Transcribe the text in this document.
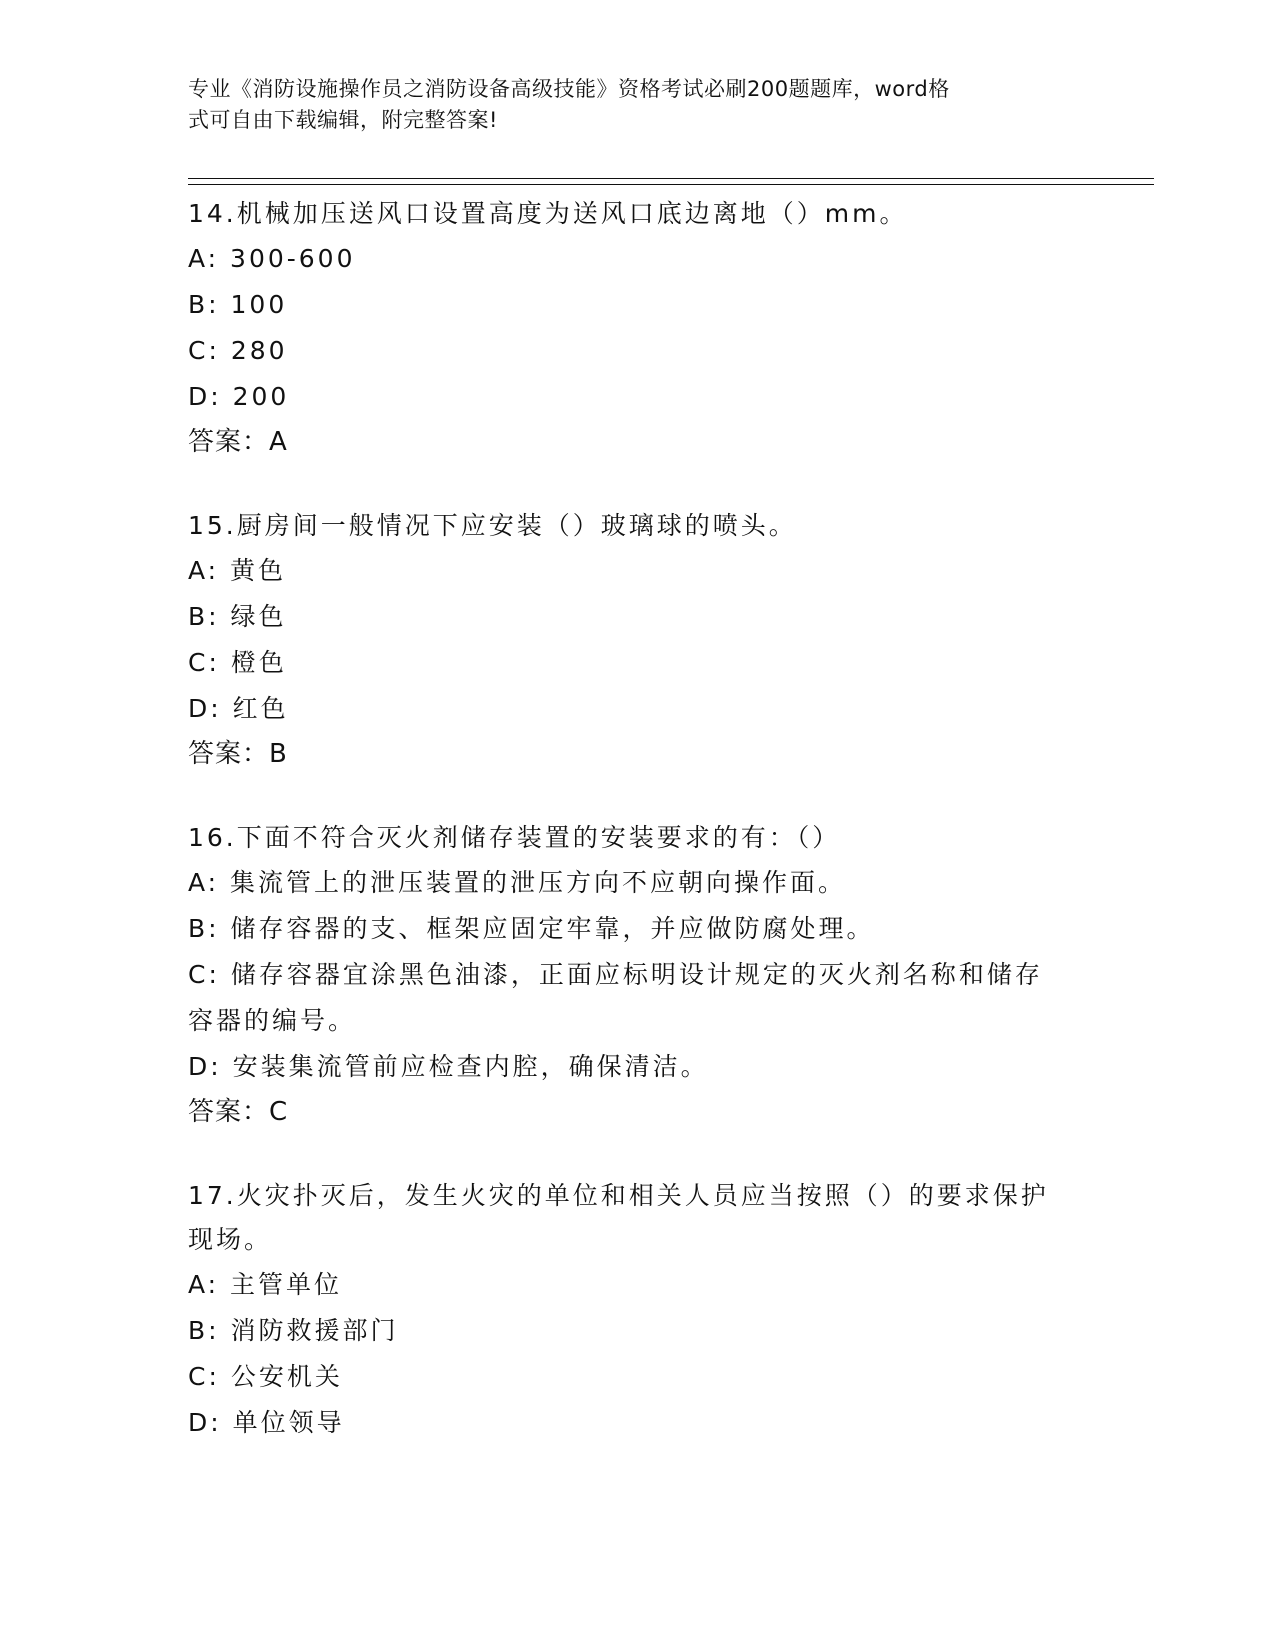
专业《消防设施操作员之消防设备高级技能》资格考试必刷200题题库，word格
式可自由下载编辑，附完整答案!
14.机械加压送风口设置高度为送风口底边离地（）mm。
A: 300-600
B: 100
C: 280
D: 200
答案：A
15.厨房间一般情况下应安装（）玻璃球的喷头。
A: 黄色
B: 绿色
C: 橙色
D: 红色
答案：B
16.下面不符合灭火剂储存装置的安装要求的有：（）
A: 集流管上的泄压装置的泄压方向不应朝向操作面。
B: 储存容器的支、框架应固定牢靠，并应做防腐处理。
C: 储存容器宜涂黑色油漆，正面应标明设计规定的灭火剂名称和储存
容器的编号。
D: 安装集流管前应检查内腔，确保清洁。
答案：C
17.火灾扑灭后，发生火灾的单位和相关人员应当按照（）的要求保护
现场。
A: 主管单位
B: 消防救援部门
C: 公安机关
D: 单位领导
